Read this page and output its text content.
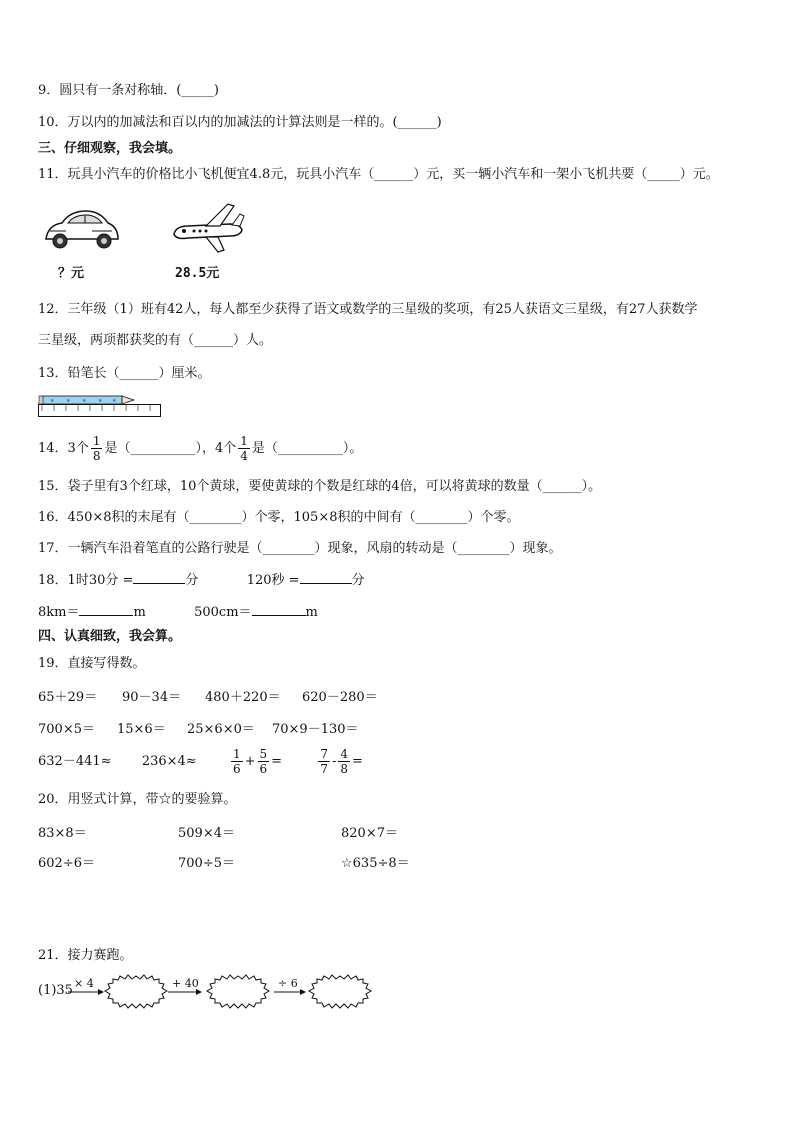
9．圆只有一条对称轴．(_____)
10．万以内的加减法和百以内的加减法的计算法则是一样的。(______)
三、仔细观察，我会填。
11．玩具小汽车的价格比小飞机便宜4.8元，玩具小汽车（______）元，买一辆小汽车和一架小飞机共要（_____）元。
？元	28.5元
12．三年级（1）班有42人，每人都至少获得了语文或数学的三星级的奖项，有25人获语文三星级，有27人获数学
三星级，两项都获奖的有（______）人。
13．铅笔长（______）厘米。
★ ★ ★ ★ ★
14．3个 $\frac{1}{8}$ 是（__________），4个 $\frac{1}{4}$ 是（__________）。
15．袋子里有3个红球，10个黄球，要使黄球的个数是红球的4倍，可以将黄球的数量（______）。
16．450×8积的末尾有（________）个零，105×8积的中间有（________）个零。
17．一辆汽车沿着笔直的公路行驶是（________）现象，风扇的转动是（________）现象。
18．1时30分 =	分	120秒 =	分
8km＝	m	500cm＝	m
四、认真细致，我会算。
19．直接写得数。
65＋29＝ 90－34＝ 480＋220＝ 620－280＝
700×5＝ 15×6＝ 25×6×0＝ 70×9－130＝
632－441≈ 236×4≈	$\frac{1}{6} + \frac{5}{6}$ =	$\frac{7}{7} - \frac{4}{8}$ =
20．用竖式计算，带☆的要验算。
83×8＝	509×4＝	820×7＝
602÷6＝	700÷5＝	☆635÷8＝
21．接力赛跑。
(1)35 × 4	+ 40	÷ 6
